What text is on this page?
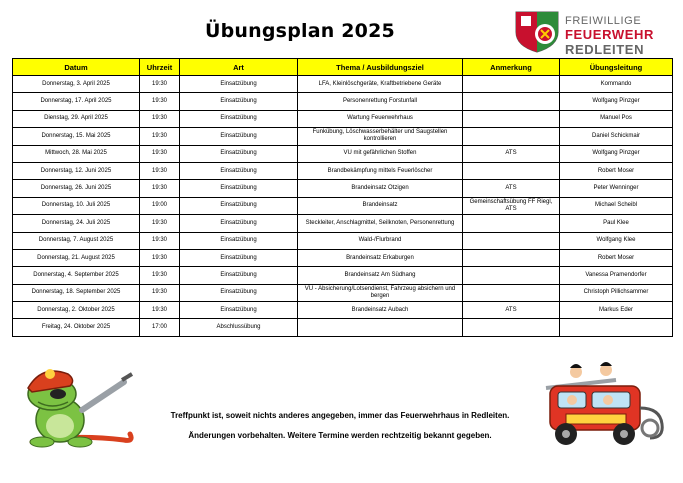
Übungsplan 2025	FREIWILLIGE
FEUERWEHR
REDLEITEN
Datum	Uhrzeit	Art	Thema / Ausbildungsziel	Anmerkung	Übungsleitung
Donnerstag, 3. April 2025	19:30	Einsatzübung	LFA, Kleinlöschgeräte, Kraftbetriebene Geräte		Kommando
Donnerstag, 17. April 2025	19:30	Einsatzübung	Personenrettung Forstunfall		Wolfgang Pinzger
Dienstag, 29. April 2025	19:30	Einsatzübung	Wartung Feuerwehrhaus		Manuel Pos
Donnerstag, 15. Mai 2025	19:30	Einsatzübung	Funkübung, Löschwasserbehälter und Saugstellen kontrollieren		Daniel Schickmair
Mittwoch, 28. Mai 2025	19:30	Einsatzübung	VU mit gefährlichen Stoffen	ATS	Wolfgang Pinzger
Donnerstag, 12. Juni 2025	19:30	Einsatzübung	Brandbekämpfung mittels Feuerlöscher		Robert Moser
Donnerstag, 26. Juni 2025	19:30	Einsatzübung	Brandeinsatz Otzigen	ATS	Peter Wenninger
Donnerstag, 10. Juli 2025	19:00	Einsatzübung	Brandeinsatz	Gemeinschaftsübung FF Riegl, ATS	Michael Scheibl
Donnerstag, 24. Juli 2025	19:30	Einsatzübung	Steckleiter, Anschlagmittel, Seilknoten, Personenrettung		Paul Klee
Donnerstag, 7. August 2025	19:30	Einsatzübung	Wald-/Flurbrand		Wolfgang Klee
Donnerstag, 21. August 2025	19:30	Einsatzübung	Brandeinsatz Erkaburgen		Robert Moser
Donnerstag, 4. September 2025	19:30	Einsatzübung	Brandeinsatz Am Südhang		Vanessa Pramendorfer
Donnerstag, 18. September 2025	19:30	Einsatzübung	VU - Absicherung/Lotsendienst, Fahrzeug absichern und bergen		Christoph Pillichsammer
Donnerstag, 2. Oktober 2025	19:30	Einsatzübung	Brandeinsatz Aubach	ATS	Markus Eder
Freitag, 24. Oktober 2025	17:00	Abschlussübung			
Treffpunkt ist, soweit nichts anderes angegeben, immer das Feuerwehrhaus in Redleiten.
Änderungen vorbehalten. Weitere Termine werden rechtzeitig bekannt gegeben.
